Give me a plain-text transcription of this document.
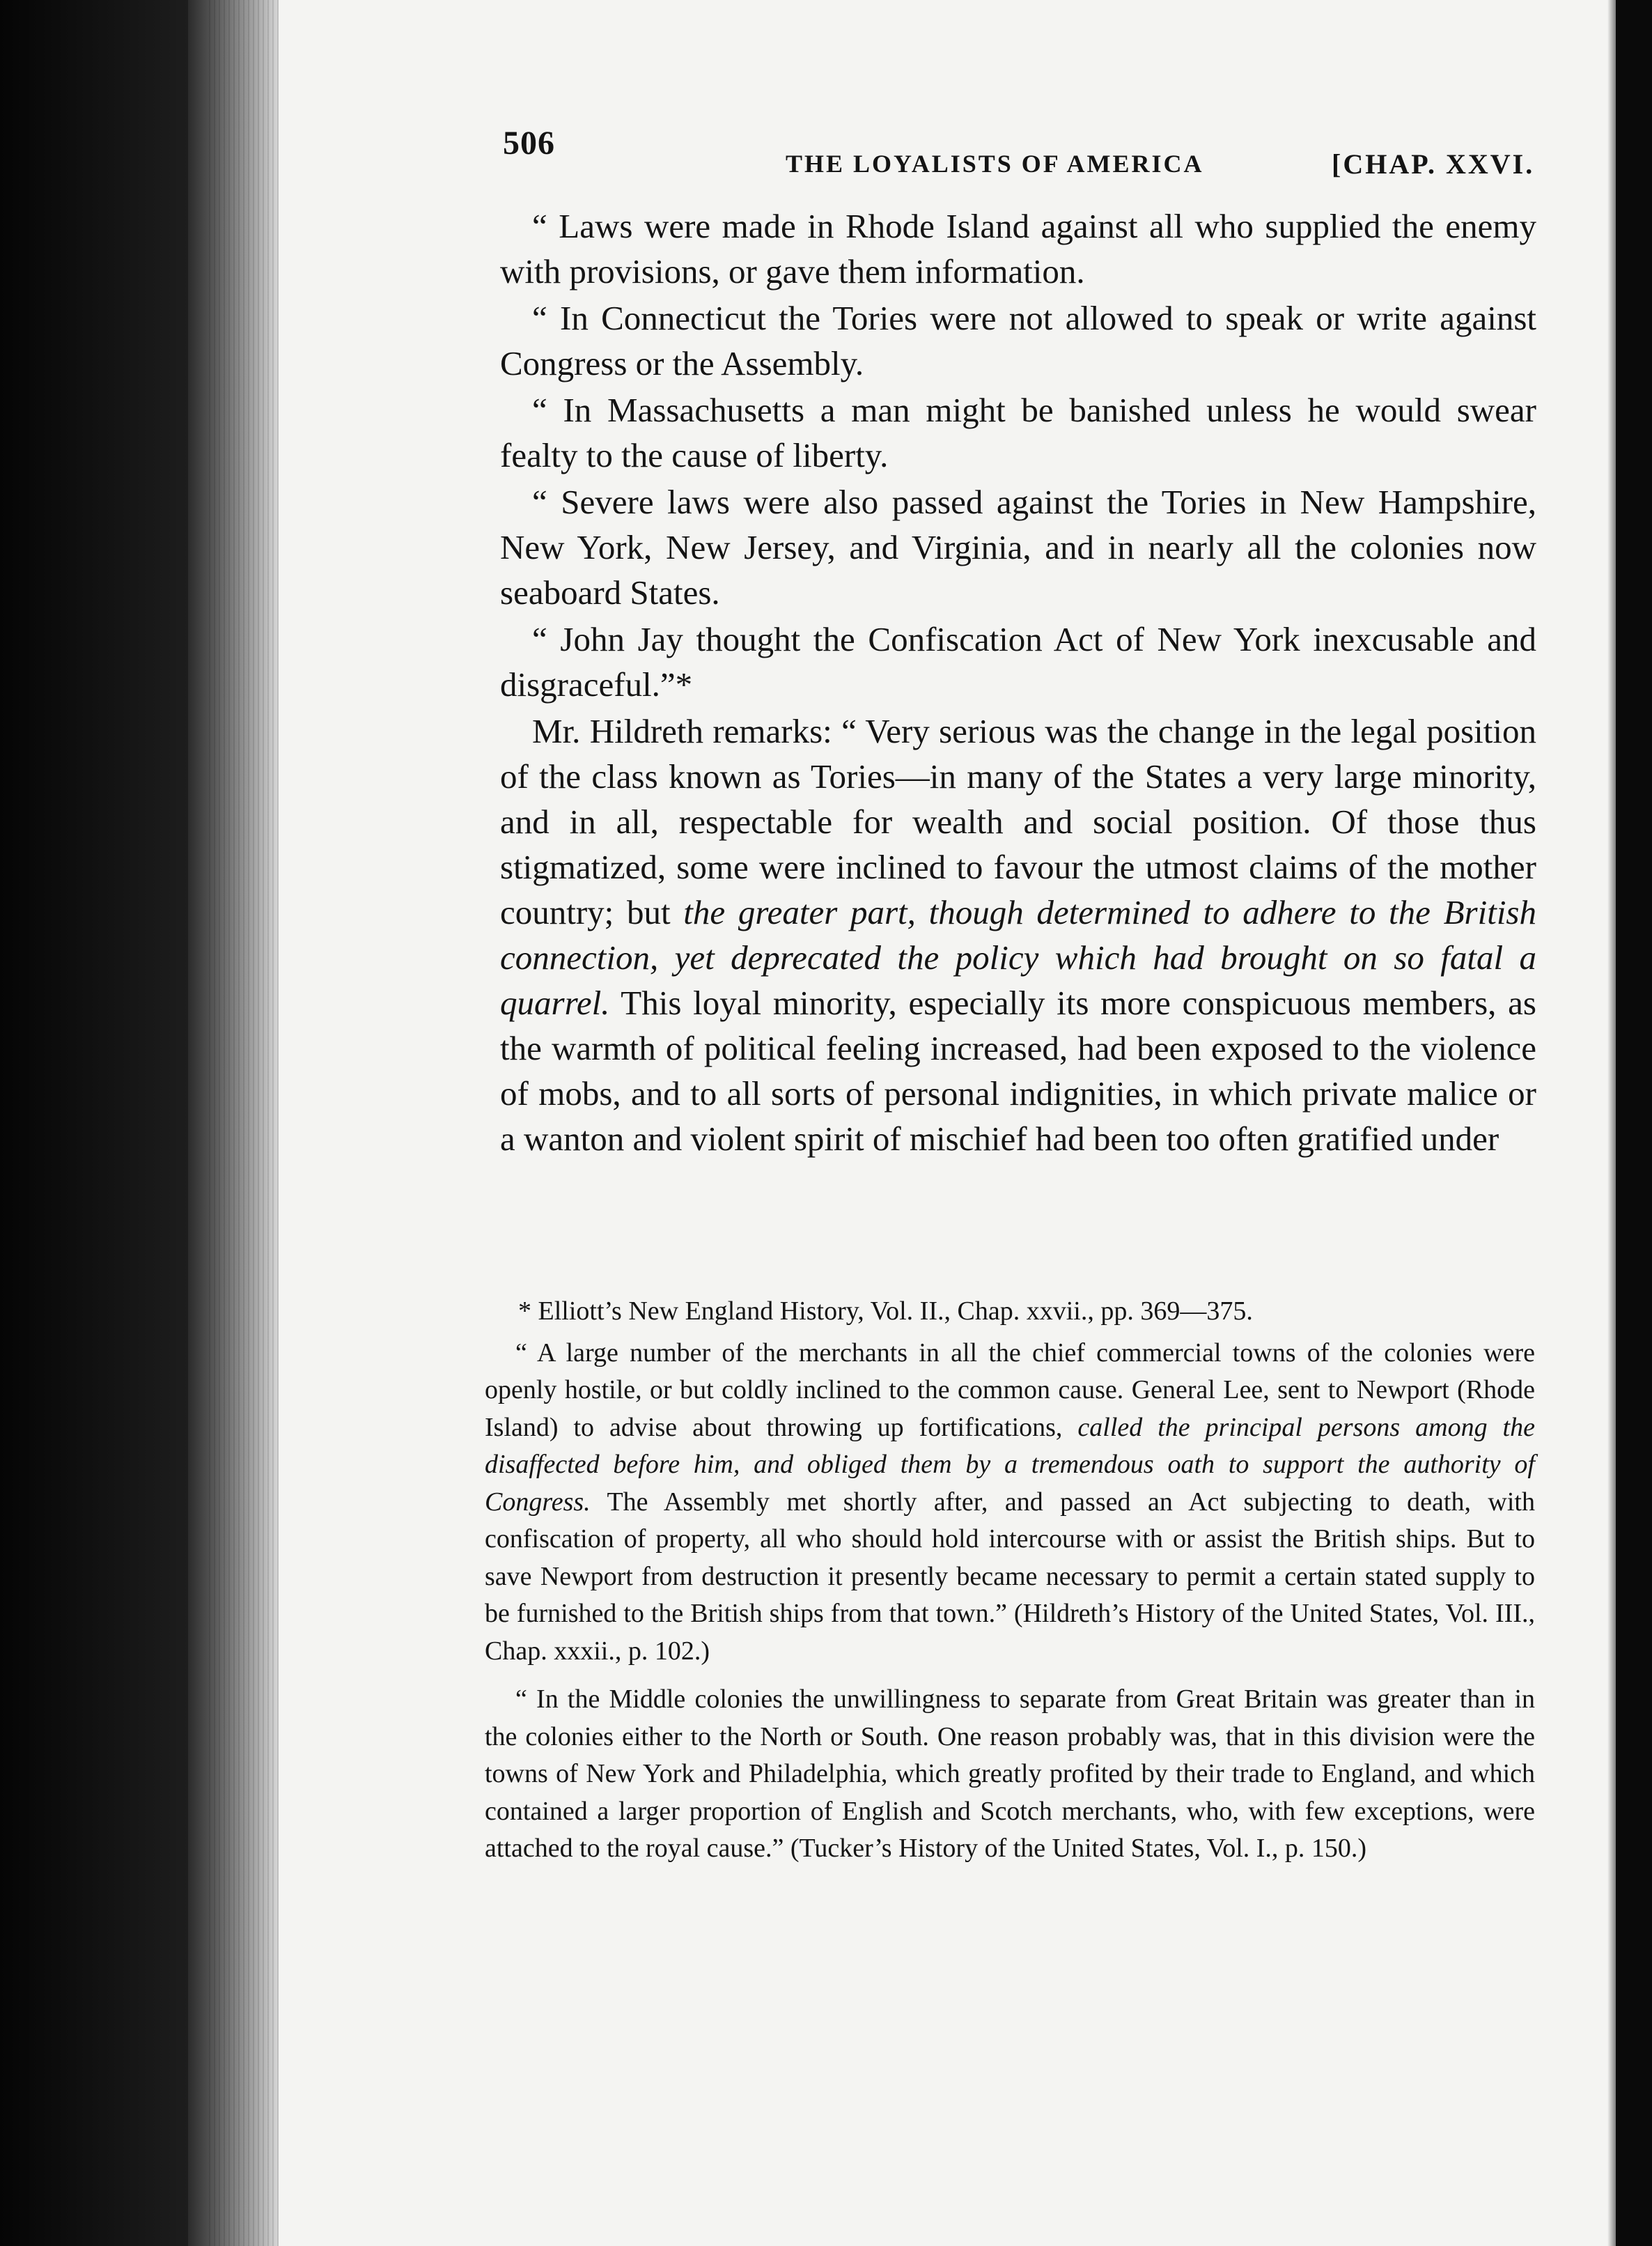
506
THE LOYALISTS OF AMERICA	[CHAP. XXVI.

“ Laws were made in Rhode Island against all who supplied the enemy with provisions, or gave them information.

“ In Connecticut the Tories were not allowed to speak or write against Congress or the Assembly.

“ In Massachusetts a man might be banished unless he would swear fealty to the cause of liberty.

“ Severe laws were also passed against the Tories in New Hampshire, New York, New Jersey, and Virginia, and in nearly all the colonies now seaboard States.

“ John Jay thought the Confiscation Act of New York inexcusable and disgraceful.”*

Mr. Hildreth remarks: “ Very serious was the change in the legal position of the class known as Tories—in many of the States a very large minority, and in all, respectable for wealth and social position. Of those thus stigmatized, some were inclined to favour the utmost claims of the mother country; but the greater part, though determined to adhere to the British connection, yet deprecated the policy which had brought on so fatal a quarrel. This loyal minority, especially its more conspicuous members, as the warmth of political feeling increased, had been exposed to the violence of mobs, and to all sorts of personal indignities, in which private malice or a wanton and violent spirit of mischief had been too often gratified under

* Elliott’s New England History, Vol. II., Chap. xxvii., pp. 369—375.

“ A large number of the merchants in all the chief commercial towns of the colonies were openly hostile, or but coldly inclined to the common cause. General Lee, sent to Newport (Rhode Island) to advise about throwing up fortifications, called the principal persons among the disaffected before him, and obliged them by a tremendous oath to support the authority of Congress. The Assembly met shortly after, and passed an Act subjecting to death, with confiscation of property, all who should hold intercourse with or assist the British ships. But to save Newport from destruction it presently became necessary to permit a certain stated supply to be furnished to the British ships from that town.” (Hildreth’s History of the United States, Vol. III., Chap. xxxii., p. 102.)

“ In the Middle colonies the unwillingness to separate from Great Britain was greater than in the colonies either to the North or South. One reason probably was, that in this division were the towns of New York and Philadelphia, which greatly profited by their trade to England, and which contained a larger proportion of English and Scotch merchants, who, with few exceptions, were attached to the royal cause.” (Tucker’s History of the United States, Vol. I., p. 150.)
